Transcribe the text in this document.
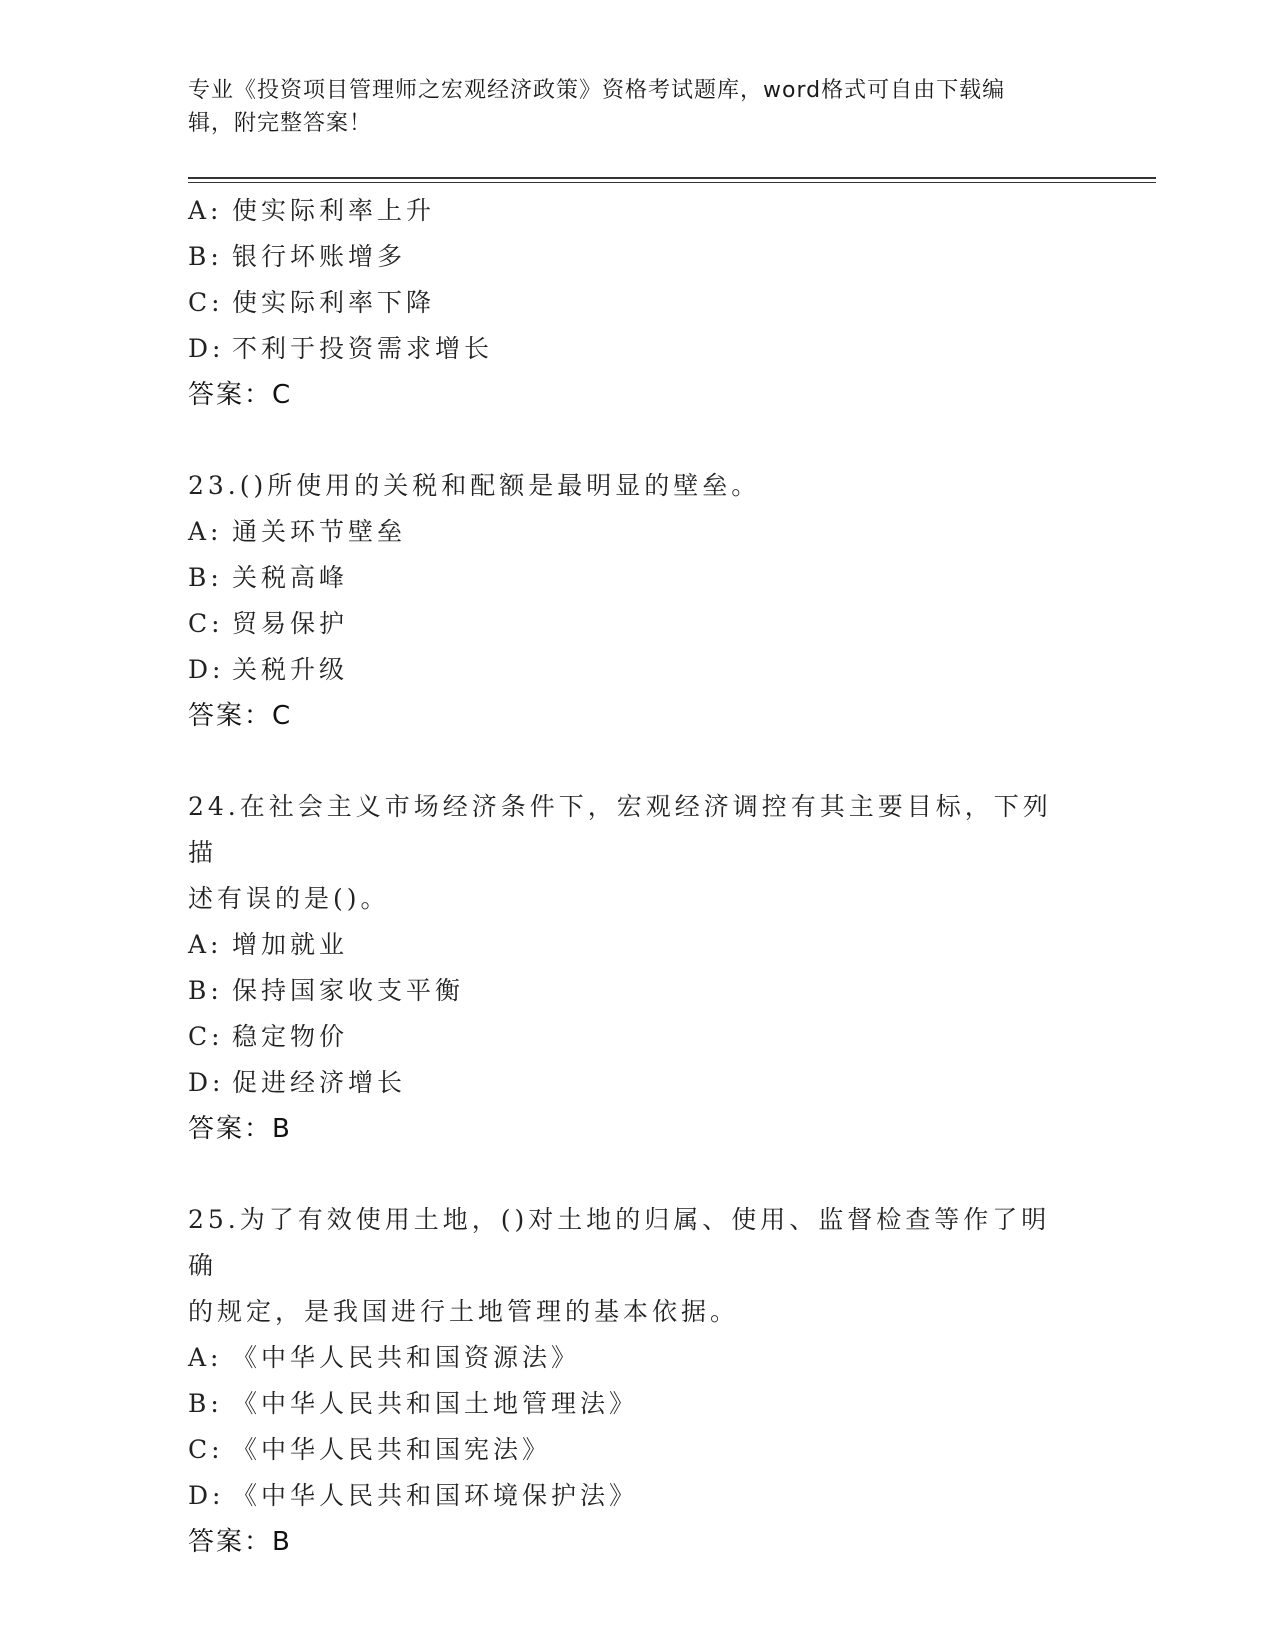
专业《投资项目管理师之宏观经济政策》资格考试题库，word格式可自由下载编
辑，附完整答案！
A: 使实际利率上升
B: 银行坏账增多
C: 使实际利率下降
D: 不利于投资需求增长
答案：C
23.()所使用的关税和配额是最明显的壁垒。
A: 通关环节壁垒
B: 关税高峰
C: 贸易保护
D: 关税升级
答案：C
24.在社会主义市场经济条件下，宏观经济调控有其主要目标，下列描
述有误的是()。
A: 增加就业
B: 保持国家收支平衡
C: 稳定物价
D: 促进经济增长
答案：B
25.为了有效使用土地，()对土地的归属、使用、监督检查等作了明确
的规定，是我国进行土地管理的基本依据。
A: 《中华人民共和国资源法》
B: 《中华人民共和国土地管理法》
C: 《中华人民共和国宪法》
D: 《中华人民共和国环境保护法》
答案：B
